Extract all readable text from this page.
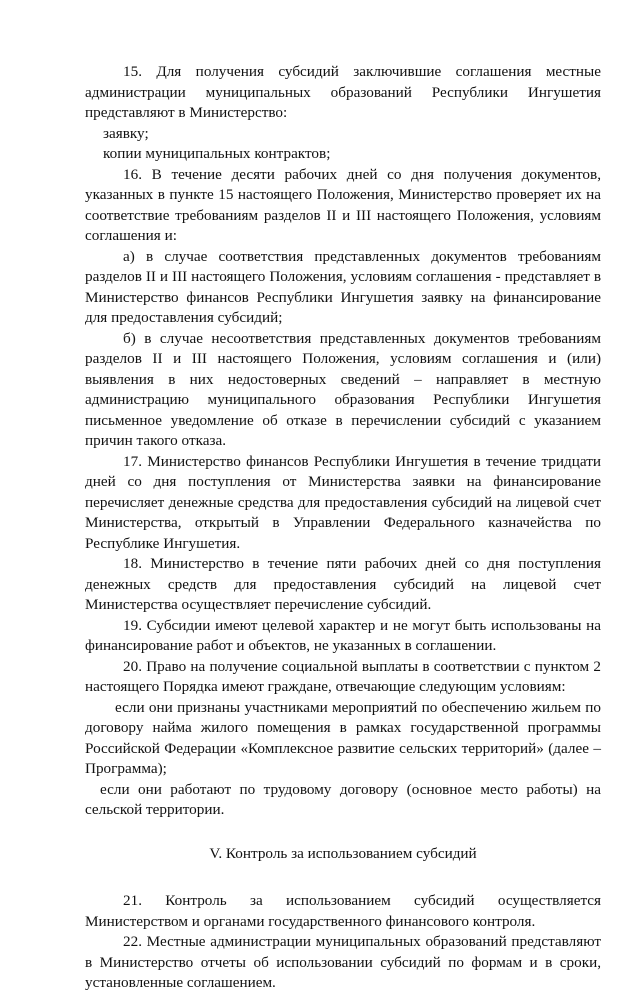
15. Для получения субсидий заключившие соглашения местные администрации муниципальных образований Республики Ингушетия представляют в Министерство:

заявку;

копии муниципальных контрактов;

16. В течение десяти рабочих дней со дня получения документов, указанных в пункте 15 настоящего Положения, Министерство проверяет их на соответствие требованиям разделов II и III настоящего Положения, условиям соглашения и:

а) в случае соответствия представленных документов требованиям разделов II и III настоящего Положения, условиям соглашения - представляет в Министерство финансов Республики Ингушетия заявку на финансирование для предоставления субсидий;

б) в случае несоответствия представленных документов требованиям разделов II и III настоящего Положения, условиям соглашения и (или) выявления в них недостоверных сведений – направляет в местную администрацию муниципального образования Республики Ингушетия письменное уведомление об отказе в перечислении субсидий с указанием причин такого отказа.

17. Министерство финансов Республики Ингушетия в течение тридцати дней со дня поступления от Министерства заявки на финансирование перечисляет денежные средства для предоставления субсидий на лицевой счет Министерства, открытый в Управлении Федерального казначейства по Республике Ингушетия.

18. Министерство в течение пяти рабочих дней со дня поступления денежных средств для предоставления субсидий на лицевой счет Министерства осуществляет перечисление субсидий.

19. Субсидии имеют целевой характер и не могут быть использованы на финансирование работ и объектов, не указанных в соглашении.

20. Право на получение социальной выплаты в соответствии с пунктом 2 настоящего Порядка имеют граждане, отвечающие следующим условиям:

если они признаны участниками мероприятий по обеспечению жильем по договору найма жилого помещения в рамках государственной программы Российской Федерации «Комплексное развитие сельских территорий» (далее – Программа);

если они работают по трудовому договору (основное место работы) на сельской территории.

V. Контроль за использованием субсидий

21. Контроль за использованием субсидий осуществляется Министерством и органами государственного финансового контроля.

22. Местные администрации муниципальных образований представляют в Министерство отчеты об использовании субсидий по формам и в сроки, установленные соглашением.
